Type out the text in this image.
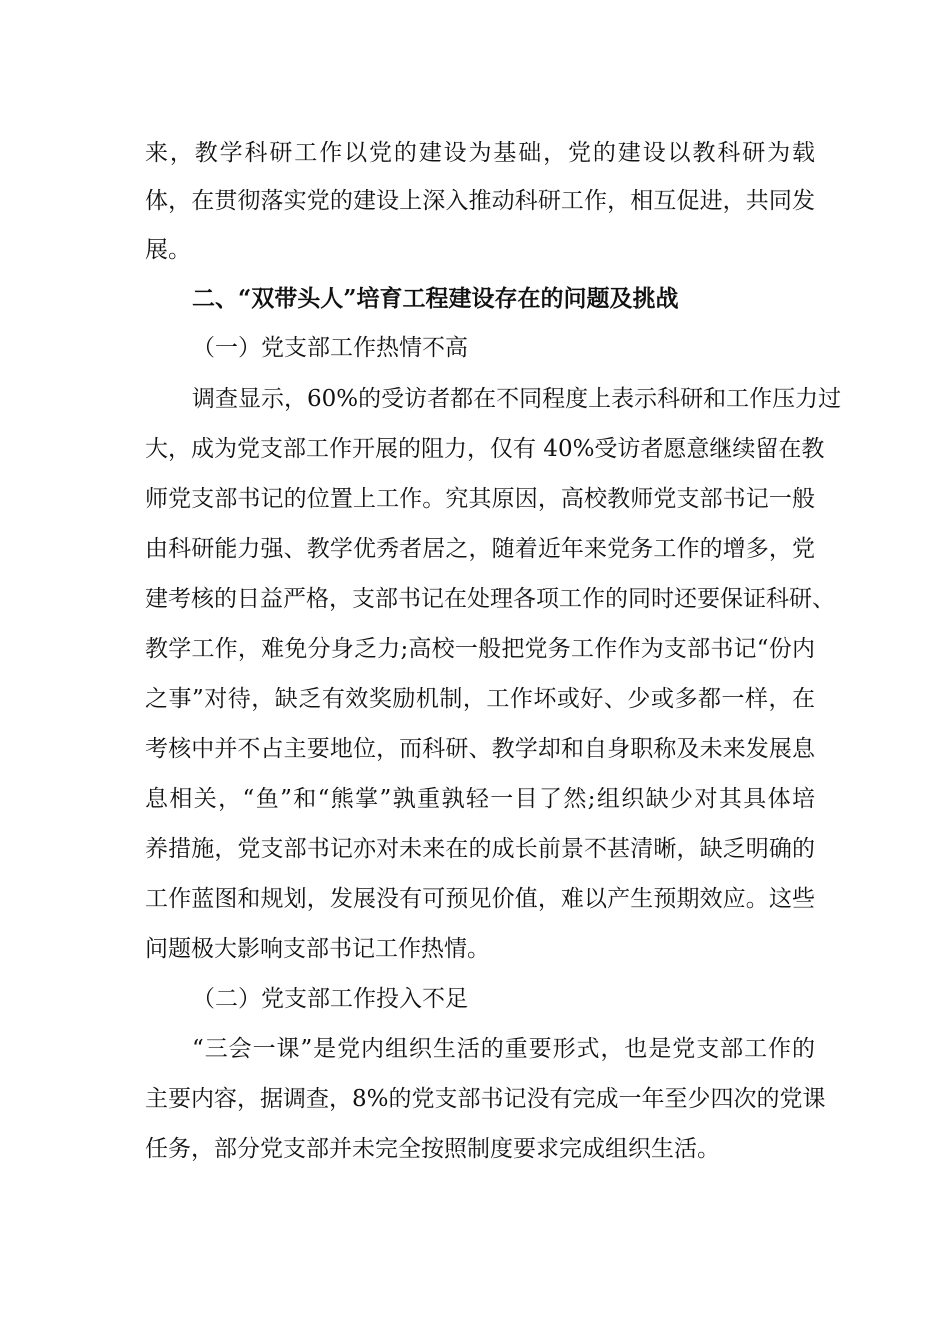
来，教学科研工作以党的建设为基础，党的建设以教科研为载
体，在贯彻落实党的建设上深入推动科研工作，相互促进，共同发
展。
二、“双带头人”培育工程建设存在的问题及挑战
（一）党支部工作热情不高
调查显示，60%的受访者都在不同程度上表示科研和工作压力过
大，成为党支部工作开展的阻力，仅有 40%受访者愿意继续留在教
师党支部书记的位置上工作。究其原因，高校教师党支部书记一般
由科研能力强、教学优秀者居之，随着近年来党务工作的增多，党
建考核的日益严格，支部书记在处理各项工作的同时还要保证科研、
教学工作，难免分身乏力;高校一般把党务工作作为支部书记“份内
之事”对待，缺乏有效奖励机制，工作坏或好、少或多都一样，在
考核中并不占主要地位，而科研、教学却和自身职称及未来发展息
息相关，“鱼”和“熊掌”孰重孰轻一目了然;组织缺少对其具体培
养措施，党支部书记亦对未来在的成长前景不甚清晰，缺乏明确的
工作蓝图和规划，发展没有可预见价值，难以产生预期效应。这些
问题极大影响支部书记工作热情。
（二）党支部工作投入不足
“三会一课”是党内组织生活的重要形式，也是党支部工作的
主要内容，据调查，8%的党支部书记没有完成一年至少四次的党课
任务，部分党支部并未完全按照制度要求完成组织生活。
